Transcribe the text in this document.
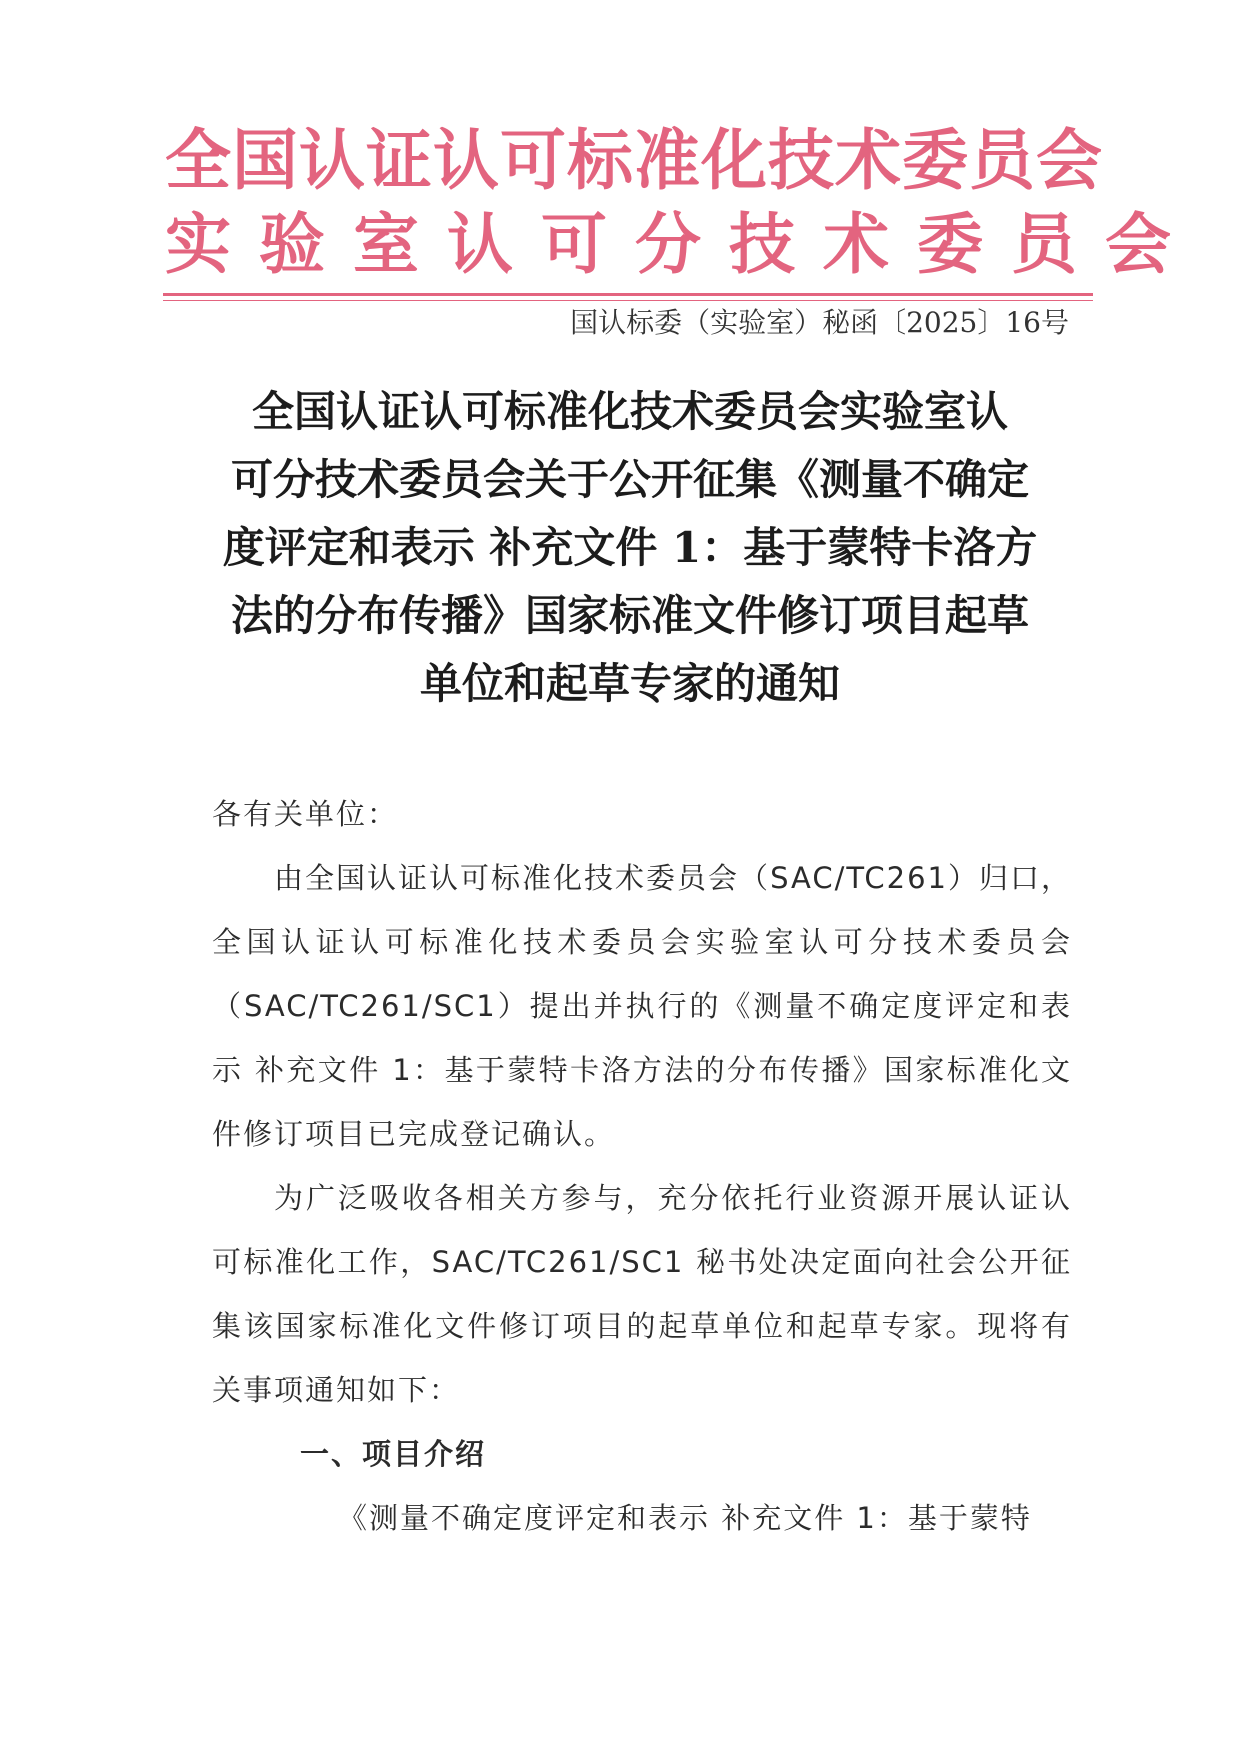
全国认证认可标准化技术委员会
实验室认可分技术委员会
国认标委（实验室）秘函〔2025〕16号

全国认证认可标准化技术委员会实验室认

可分技术委员会关于公开征集《测量不确定

度评定和表示 补充文件 1：基于蒙特卡洛方

法的分布传播》国家标准文件修订项目起草

单位和起草专家的通知

各有关单位：

由全国认证认可标准化技术委员会（SAC/TC261）归口，全国认证认可标准化技术委员会实验室认可分技术委员会（SAC/TC261/SC1）提出并执行的《测量不确定度评定和表示 补充文件 1：基于蒙特卡洛方法的分布传播》国家标准化文件修订项目已完成登记确认。

为广泛吸收各相关方参与，充分依托行业资源开展认证认可标准化工作，SAC/TC261/SC1 秘书处决定面向社会公开征集该国家标准化文件修订项目的起草单位和起草专家。现将有关事项通知如下：

一、项目介绍

《测量不确定度评定和表示 补充文件 1：基于蒙特
